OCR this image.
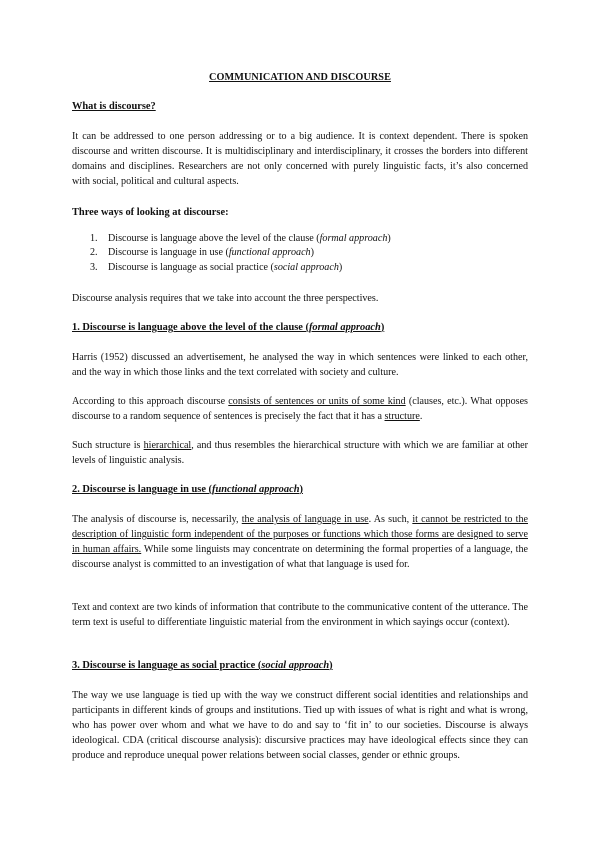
COMMUNICATION AND DISCOURSE
What is discourse?
It can be addressed to one person addressing or to a big audience. It is context dependent. There is spoken discourse and written discourse. It is multidisciplinary and interdisciplinary, it crosses the borders into different domains and disciplines. Researchers are not only concerned with purely linguistic facts, it’s also concerned with social, political and cultural aspects.
Three ways of looking at discourse:
1.	Discourse is language above the level of the clause (formal approach)
2.	Discourse is language in use (functional approach)
3.	Discourse is language as social practice (social approach)
Discourse analysis requires that we take into account the three perspectives.
1. Discourse is language above the level of the clause (formal approach)
Harris (1952) discussed an advertisement, he analysed the way in which sentences were linked to each other, and the way in which those links and the text correlated with society and culture.
According to this approach discourse consists of sentences or units of some kind (clauses, etc.). What opposes discourse to a random sequence of sentences is precisely the fact that it has a structure.
Such structure is hierarchical, and thus resembles the hierarchical structure with which we are familiar at other levels of linguistic analysis.
2. Discourse is language in use (functional approach)
The analysis of discourse is, necessarily, the analysis of language in use. As such, it cannot be restricted to the description of linguistic form independent of the purposes or functions which those forms are designed to serve in human affairs. While some linguists may concentrate on determining the formal properties of a language, the discourse analyst is committed to an investigation of what that language is used for.
Text and context are two kinds of information that contribute to the communicative content of the utterance. The term text is useful to differentiate linguistic material from the environment in which sayings occur (context).
3. Discourse is language as social practice (social approach)
The way we use language is tied up with the way we construct different social identities and relationships and participants in different kinds of groups and institutions. Tied up with issues of what is right and what is wrong, who has power over whom and what we have to do and say to ‘fit in’ to our societies. Discourse is always ideological. CDA (critical discourse analysis): discursive practices may have ideological effects since they can produce and reproduce unequal power relations between social classes, gender or ethnic groups.
